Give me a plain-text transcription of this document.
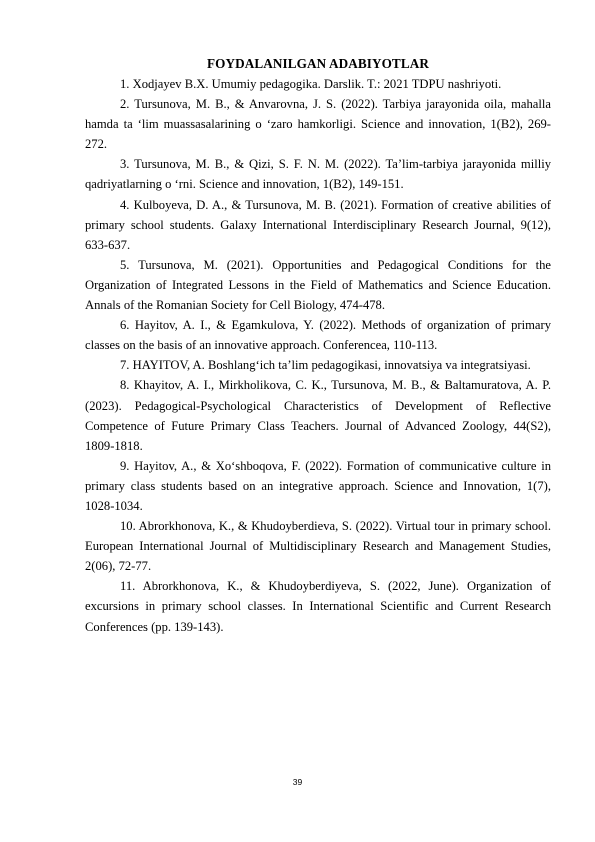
FOYDALANILGAN ADABIYOTLAR

1. Xodjayev B.X. Umumiy pedagogika. Darslik. T.: 2021 TDPU nashriyoti.

2. Tursunova, M. B., & Anvarovna, J. S. (2022). Tarbiya jarayonida oila, mahalla hamda ta ‘lim muassasalarining o ‘zaro hamkorligi. Science and innovation, 1(B2), 269-272.

3. Tursunova, M. B., & Qizi, S. F. N. M. (2022). Ta’lim-tarbiya jarayonida milliy qadriyatlarning o ‘rni. Science and innovation, 1(B2), 149-151.

4. Kulboyeva, D. A., & Tursunova, M. B. (2021). Formation of creative abilities of primary school students. Galaxy International Interdisciplinary Research Journal, 9(12), 633-637.

5. Tursunova, M. (2021). Opportunities and Pedagogical Conditions for the Organization of Integrated Lessons in the Field of Mathematics and Science Education. Annals of the Romanian Society for Cell Biology, 474-478.

6. Hayitov, A. I., & Egamkulova, Y. (2022). Methods of organization of primary classes on the basis of an innovative approach. Conferencea, 110-113.

7. HAYITOV, A. Boshlang‘ich ta’lim pedagogikasi, innovatsiya va integratsiyasi.

8. Khayitov, A. I., Mirkholikova, C. K., Tursunova, M. B., & Baltamuratova, A. P. (2023). Pedagogical-Psychological Characteristics of Development of Reflective Competence of Future Primary Class Teachers. Journal of Advanced Zoology, 44(S2), 1809-1818.

9. Hayitov, A., & Xo‘shboqova, F. (2022). Formation of communicative culture in primary class students based on an integrative approach. Science and Innovation, 1(7), 1028-1034.

10. Abrorkhonova, K., & Khudoyberdieva, S. (2022). Virtual tour in primary school. European International Journal of Multidisciplinary Research and Management Studies, 2(06), 72-77.

11. Abrorkhonova, K., & Khudoyberdiyeva, S. (2022, June). Organization of excursions in primary school classes. In International Scientific and Current Research Conferences (pp. 139-143).

39
